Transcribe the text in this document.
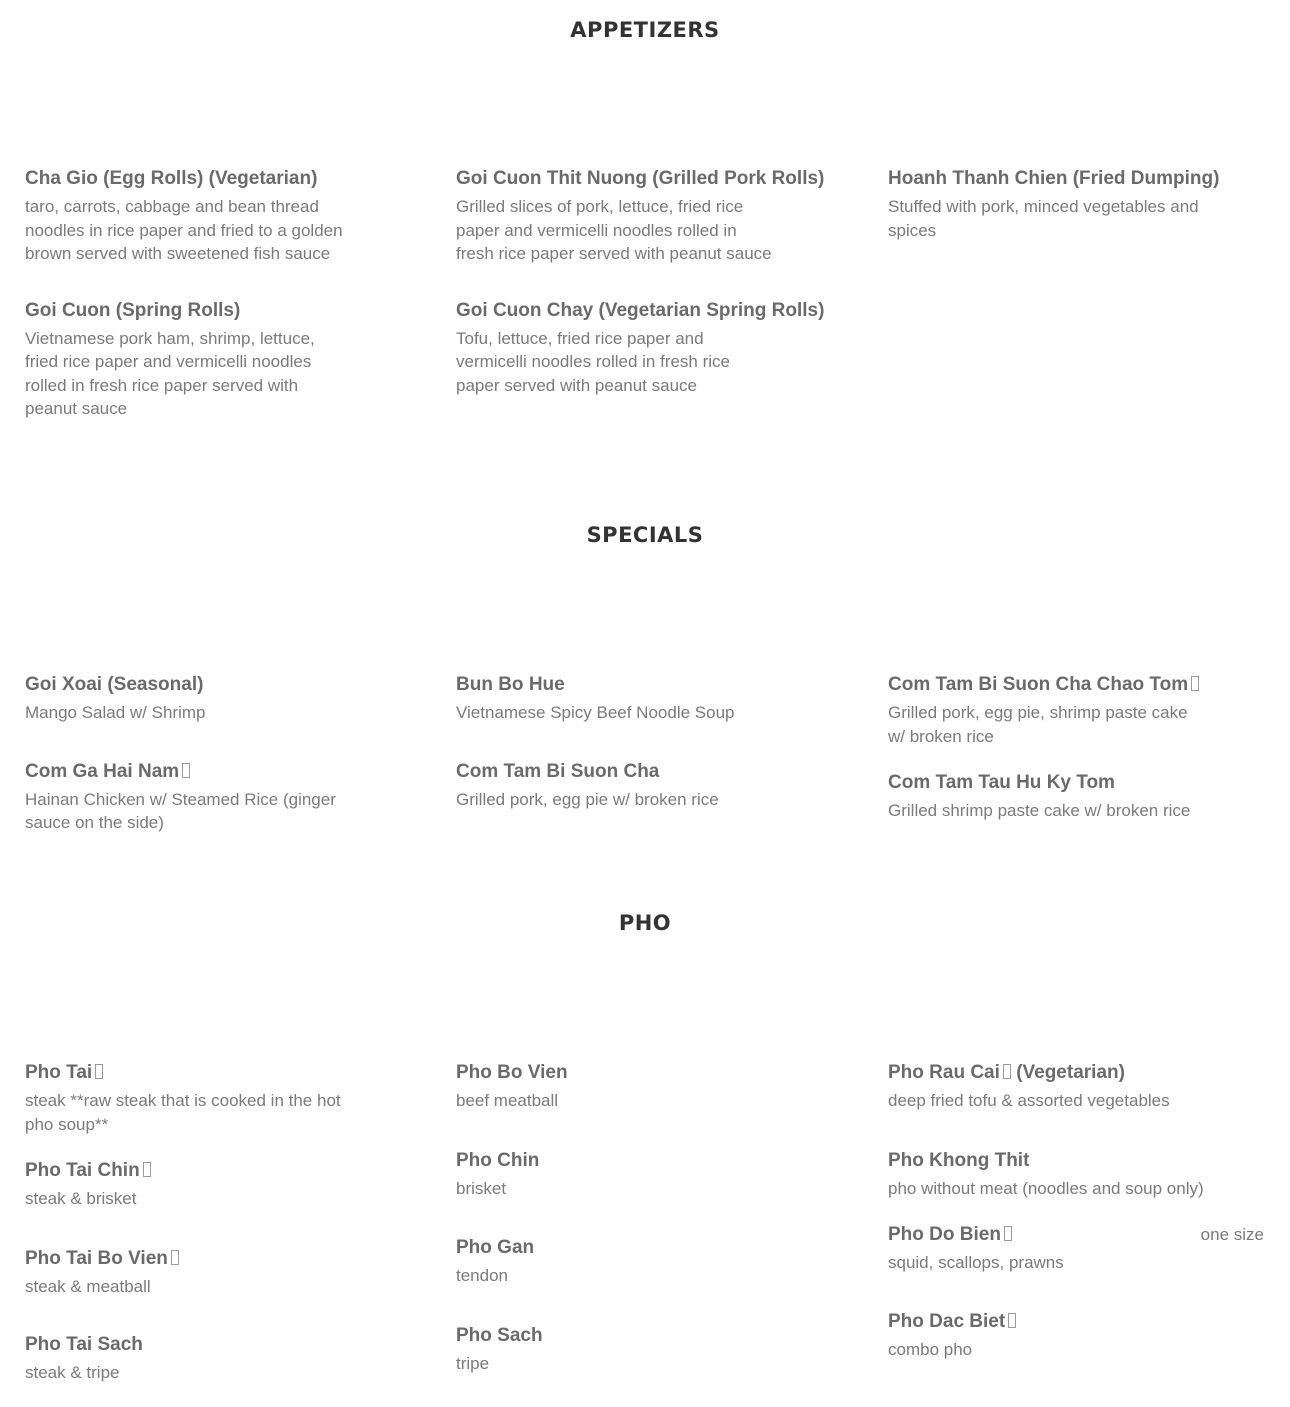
APPETIZERS
Cha Gio (Egg Rolls) (Vegetarian)

taro, carrots, cabbage and bean thread noodles in rice paper and fried to a golden brown served with sweetened fish sauce

Goi Cuon (Spring Rolls)

Vietnamese pork ham, shrimp, lettuce, fried rice paper and vermicelli noodles rolled in fresh rice paper served with peanut sauce

Goi Cuon Thit Nuong (Grilled Pork Rolls)

Grilled slices of pork, lettuce, fried rice paper and vermicelli noodles rolled in fresh rice paper served with peanut sauce

Goi Cuon Chay (Vegetarian Spring Rolls)

Tofu, lettuce, fried rice paper and vermicelli noodles rolled in fresh rice paper served with peanut sauce

Hoanh Thanh Chien (Fried Dumping)

Stuffed with pork, minced vegetables and spices

SPECIALS
Goi Xoai (Seasonal)

Mango Salad w/ Shrimp

Com Ga Hai Nam

Hainan Chicken w/ Steamed Rice (ginger sauce on the side)

Bun Bo Hue

Vietnamese Spicy Beef Noodle Soup

Com Tam Bi Suon Cha

Grilled pork, egg pie w/ broken rice

Com Tam Bi Suon Cha Chao Tom

Grilled pork, egg pie, shrimp paste cake w/ broken rice

Com Tam Tau Hu Ky Tom

Grilled shrimp paste cake w/ broken rice

PHO
Pho Tai

steak **raw steak that is cooked in the hot pho soup**

Pho Tai Chin

steak & brisket

Pho Tai Bo Vien

steak & meatball

Pho Tai Sach

steak & tripe

Pho Bo Vien

beef meatball

Pho Chin

brisket

Pho Gan

tendon

Pho Sach

tripe

Pho Rau Cai (Vegetarian)

deep fried tofu & assorted vegetables

Pho Khong Thit

pho without meat (noodles and soup only)

Pho Do Bien	one size

squid, scallops, prawns

Pho Dac Biet

combo pho
